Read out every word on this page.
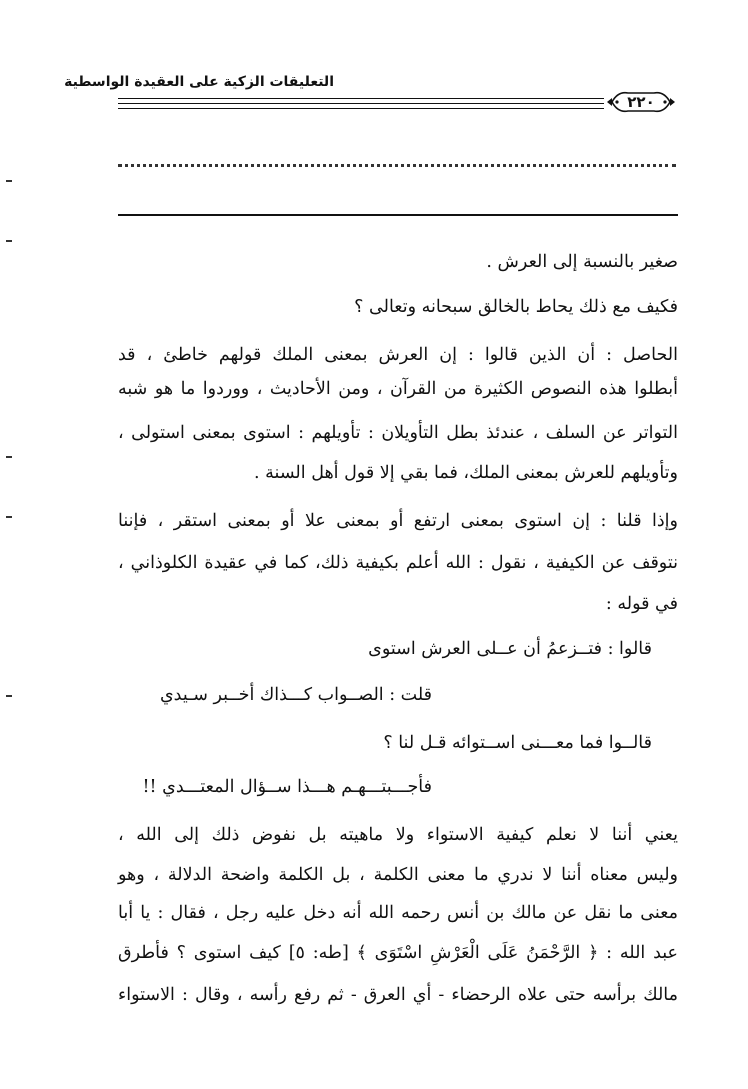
التعليقات الزكية على العقيدة الواسطية
٢٢٠
صغير بالنسبة إلى العرش .
فكيف مع ذلك يحاط بالخالق سبحانه وتعالى ؟
الحاصل : أن الذين قالوا : إن العرش بمعنى الملك قولهم خاطئ ، قد
أبطلوا هذه النصوص الكثيرة من القرآن ، ومن الأحاديث ، ووردوا ما هو شبه
التواتر عن السلف ، عندئذ بطل التأويلان : تأويلهم : استوى بمعنى استولى ،
وتأويلهم للعرش بمعنى الملك، فما بقي إلا قول أهل السنة .
وإذا قلنا : إن استوى بمعنى ارتفع أو بمعنى علا أو بمعنى استقر ، فإننا
نتوقف عن الكيفية ، نقول : الله أعلم بكيفية ذلك، كما في عقيدة الكلوذاني ،
في قوله :
قالوا : فتــزعمُ أن عــلى العرش استوى
قلت : الصــواب كـــذاك أخــبر سـيدي
قالــوا فما معـــنى اســتوائه قـل لنا ؟
فأجـــبتـــهـم هـــذا ســؤال المعتـــدي !!
يعني أننا لا نعلم كيفية الاستواء ولا ماهيته بل نفوض ذلك إلى الله ،
وليس معناه أننا لا ندري ما معنى الكلمة ، بل الكلمة واضحة الدلالة ، وهو
معنى ما نقل عن مالك بن أنس رحمه الله أنه دخل عليه رجل ، فقال : يا أبا
عبد الله : ﴿ الرَّحْمَنُ عَلَى الْعَرْشِ اسْتَوَى ﴾ [طه: ٥] كيف استوى ؟ فأطرق
مالك برأسه حتى علاه الرحضاء - أي العرق - ثم رفع رأسه ، وقال : الاستواء
